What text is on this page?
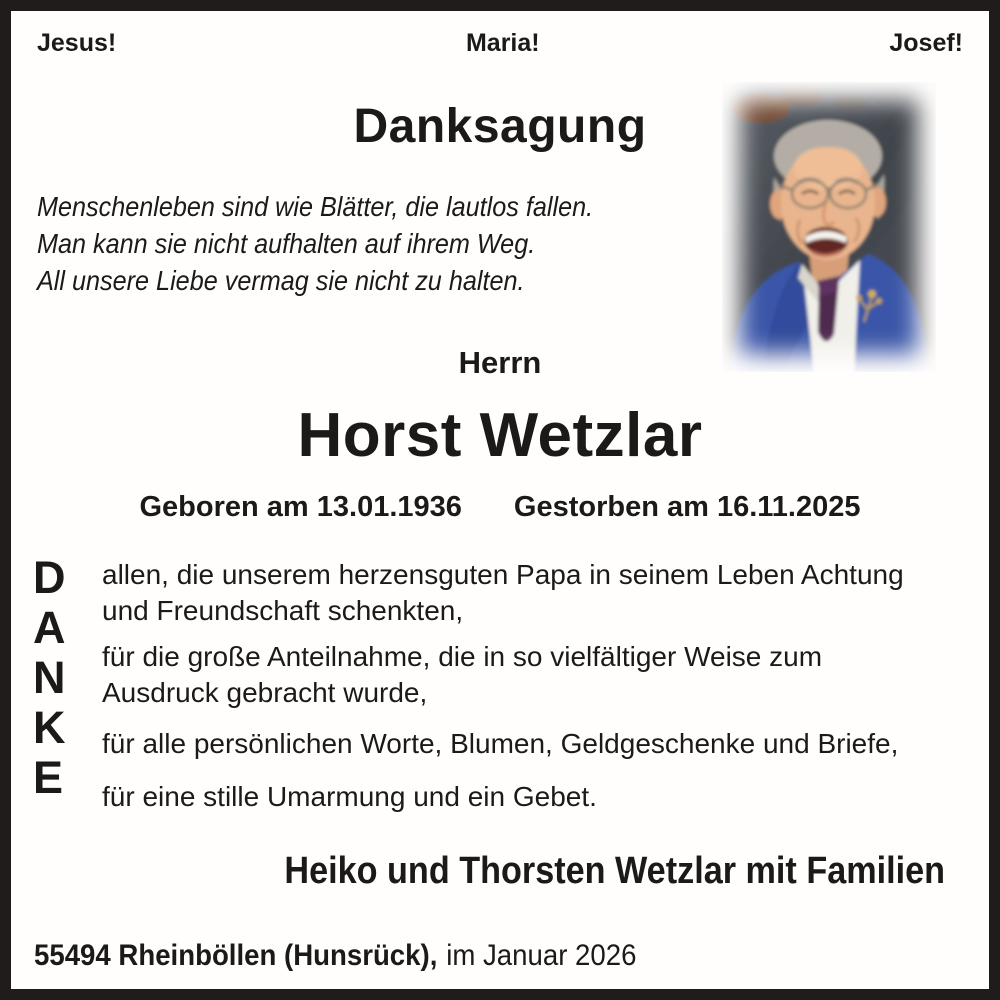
Jesus!	Maria!	Josef!
Danksagung
Menschenleben sind wie Blätter, die lautlos fallen.
Man kann sie nicht aufhalten auf ihrem Weg.
All unsere Liebe vermag sie nicht zu halten.
Herrn
Horst Wetzlar
Geboren am 13.01.1936 Gestorben am 16.11.2025
D
A
N
K
E
allen, die unserem herzensguten Papa in seinem Leben Achtung
und Freundschaft schenkten,
für die große Anteilnahme, die in so vielfältiger Weise zum
Ausdruck gebracht wurde,
für alle persönlichen Worte, Blumen, Geldgeschenke und Briefe,
für eine stille Umarmung und ein Gebet.
Heiko und Thorsten Wetzlar mit Familien
55494 Rheinböllen (Hunsrück), im Januar 2026
